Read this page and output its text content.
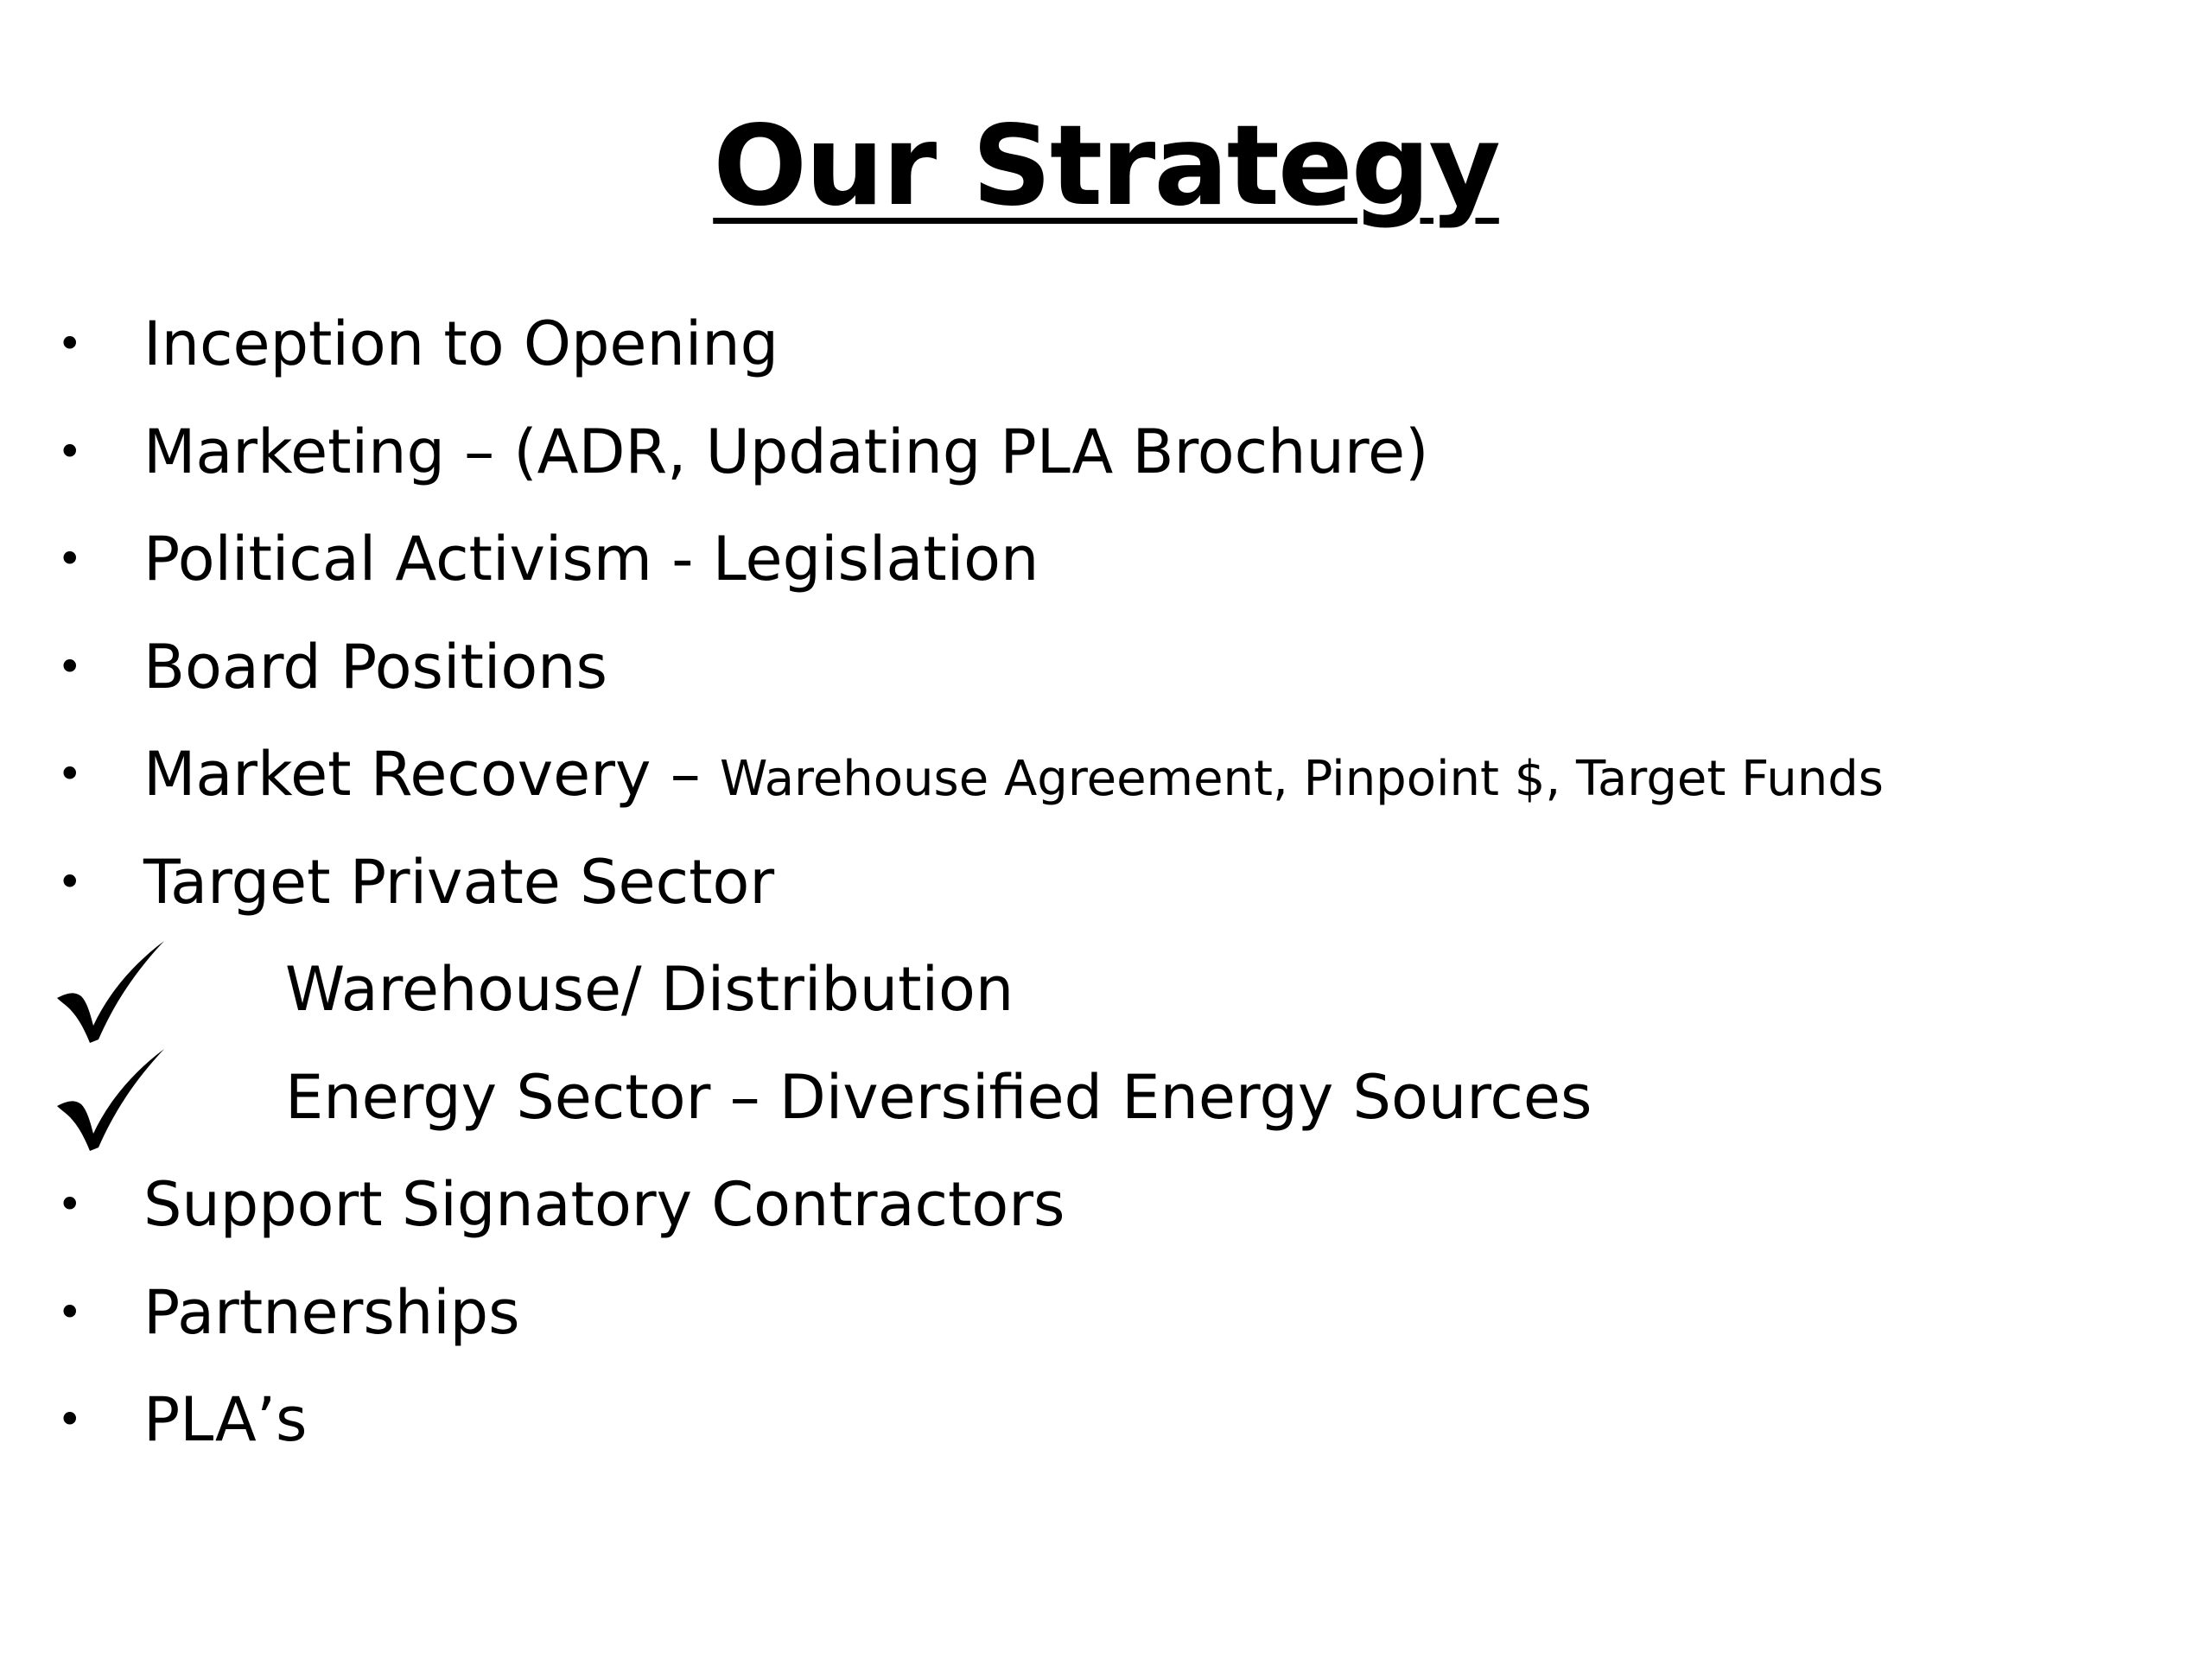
Our Strategy
• Inception to Opening
• Marketing – (ADR, Updating PLA Brochure)
• Political Activism - Legislation
• Board Positions
• Market Recovery – Warehouse Agreement, Pinpoint $, Target Funds
• Target Private Sector
Warehouse/ Distribution
Energy Sector – Diversified Energy Sources
• Support Signatory Contractors
• Partnerships
• PLA’s
